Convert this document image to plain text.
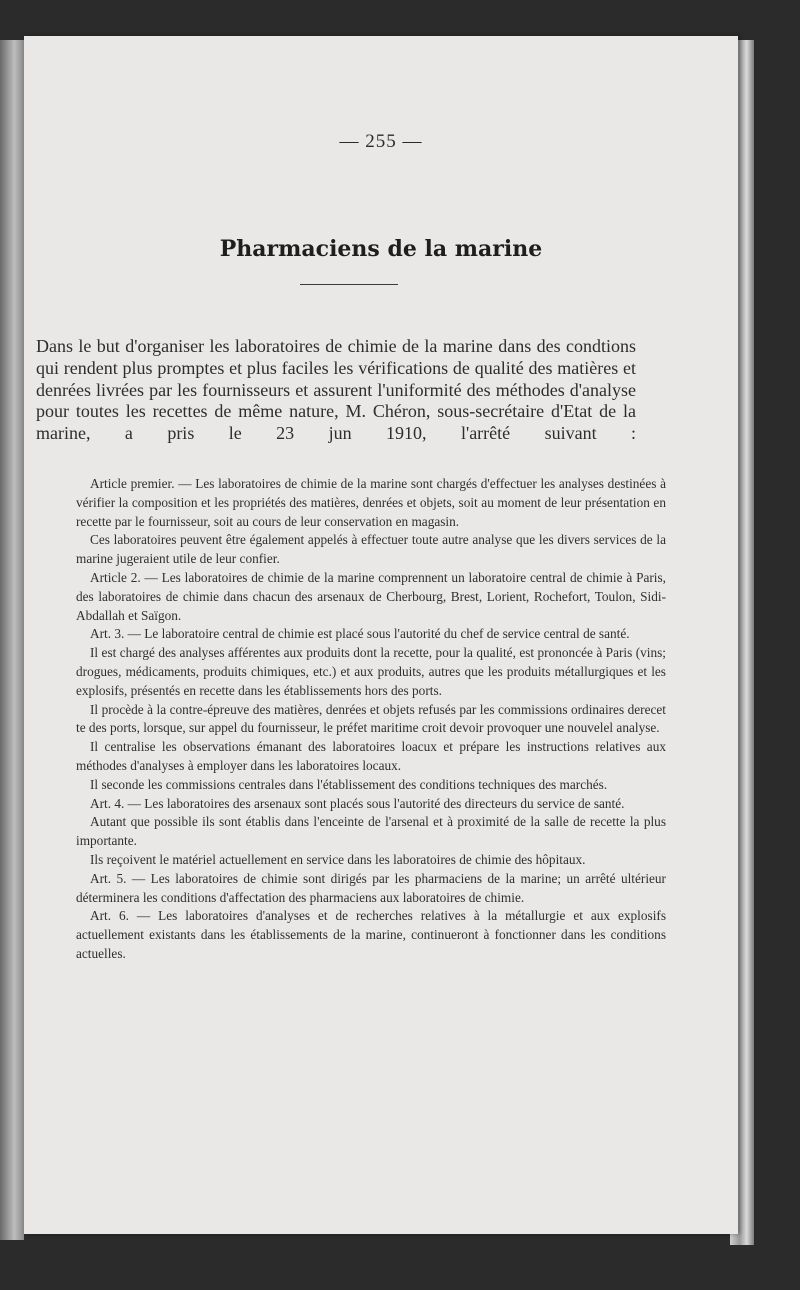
— 255 —
Pharmaciens de la marine
Dans le but d'organiser les laboratoires de chimie de la marine dans des condtions qui rendent plus promptes et plus faciles les vérifications de qualité des matières et denrées livrées par les fournisseurs et assurent l'uniformité des méthodes d'analyse pour toutes les recettes de même nature, M. Chéron, sous-secrétaire d'Etat de la marine, a pris le 23 jun 1910, l'arrêté suivant :

Article premier. — Les laboratoires de chimie de la marine sont chargés d'effectuer les analyses destinées à vérifier la composition et les propriétés des matières, denrées et objets, soit au moment de leur présentation en recette par le fournisseur, soit au cours de leur conservation en magasin.

Ces laboratoires peuvent être également appelés à effectuer toute autre analyse que les divers services de la marine jugeraient utile de leur confier.

Article 2. — Les laboratoires de chimie de la marine comprennent un laboratoire central de chimie à Paris, des laboratoires de chimie dans chacun des arsenaux de Cherbourg, Brest, Lorient, Rochefort, Toulon, Sidi-Abdallah et Saïgon.

Art. 3. — Le laboratoire central de chimie est placé sous l'autorité du chef de service central de santé.

Il est chargé des analyses afférentes aux produits dont la recette, pour la qualité, est prononcée à Paris (vins; drogues, médicaments, produits chimiques, etc.) et aux produits, autres que les produits métallurgiques et les explosifs, présentés en recette dans les établissements hors des ports.

Il procède à la contre-épreuve des matières, denrées et objets refusés par les commissions ordinaires derecet te des ports, lorsque, sur appel du fournisseur, le préfet maritime croit devoir provoquer une nouvelel analyse.

Il centralise les observations émanant des laboratoires loacux et prépare les instructions relatives aux méthodes d'analyses à employer dans les laboratoires locaux.

Il seconde les commissions centrales dans l'établissement des conditions techniques des marchés.

Art. 4. — Les laboratoires des arsenaux sont placés sous l'autorité des directeurs du service de santé.

Autant que possible ils sont établis dans l'enceinte de l'arsenal et à proximité de la salle de recette la plus importante.

Ils reçoivent le matériel actuellement en service dans les laboratoires de chimie des hôpitaux.

Art. 5. — Les laboratoires de chimie sont dirigés par les pharmaciens de la marine; un arrêté ultérieur déterminera les conditions d'affectation des pharmaciens aux laboratoires de chimie.

Art. 6. — Les laboratoires d'analyses et de recherches relatives à la métallurgie et aux explosifs actuellement existants dans les établissements de la marine, continueront à fonctionner dans les conditions actuelles.
